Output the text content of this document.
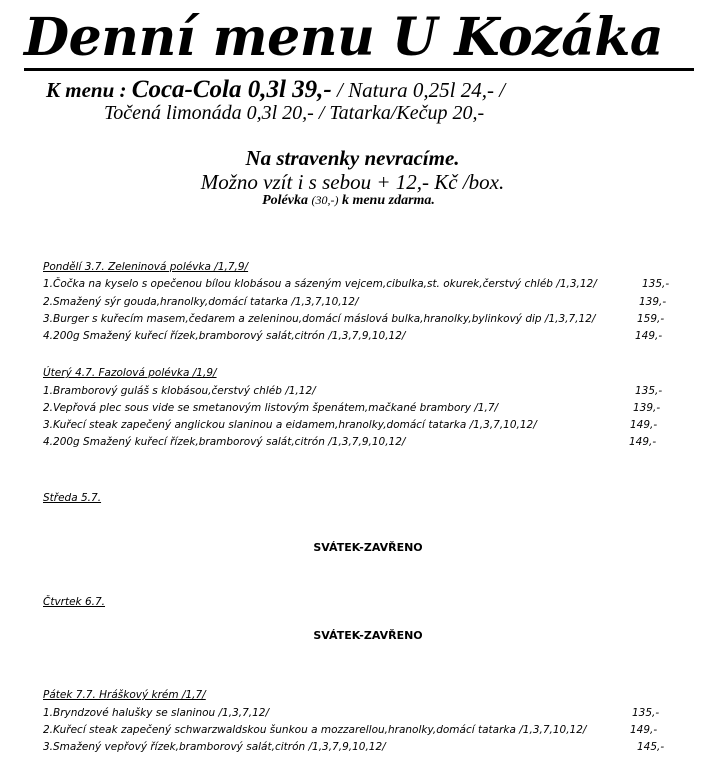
Denní menu U Kozáka
K menu : Coca-Cola 0,3l 39,- / Natura 0,25l 24,- /
Točená limonáda 0,3l 20,- / Tatarka/Kečup 20,-
Na stravenky nevracíme.
Možno vzít i s sebou + 12,- Kč /box.
Polévka (30,-) k menu zdarma.
Pondělí 3.7. Zeleninová polévka /1,7,9/
1.Čočka na kyselo s opečenou bílou klobásou a sázeným vejcem,cibulka,st. okurek,čerstvý chléb /1,3,12/	135,-
2.Smažený sýr gouda,hranolky,domácí tatarka /1,3,7,10,12/	139,-
3.Burger s kuřecím masem,čedarem a zeleninou,domácí máslová bulka,hranolky,bylinkový dip /1,3,7,12/	159,-
4.200g Smažený kuřecí řízek,bramborový salát,citrón /1,3,7,9,10,12/	149,-
Úterý 4.7. Fazolová polévka /1,9/
1.Bramborový guláš s klobásou,čerstvý chléb /1,12/	135,-
2.Vepřová plec sous vide se smetanovým listovým špenátem,mačkané brambory /1,7/	139,-
3.Kuřecí steak zapečený anglickou slaninou a eidamem,hranolky,domácí tatarka /1,3,7,10,12/	149,-
4.200g Smažený kuřecí řízek,bramborový salát,citrón /1,3,7,9,10,12/	149,-
Středa 5.7.
SVÁTEK-ZAVŘENO
Čtvrtek 6.7.
SVÁTEK-ZAVŘENO
Pátek 7.7. Hráškový krém /1,7/
1.Bryndzové halušky se slaninou /1,3,7,12/	135,-
2.Kuřecí steak zapečený schwarzwaldskou šunkou a mozzarellou,hranolky,domácí tatarka /1,3,7,10,12/	149,-
3.Smažený vepřový řízek,bramborový salát,citrón /1,3,7,9,10,12/	145,-
